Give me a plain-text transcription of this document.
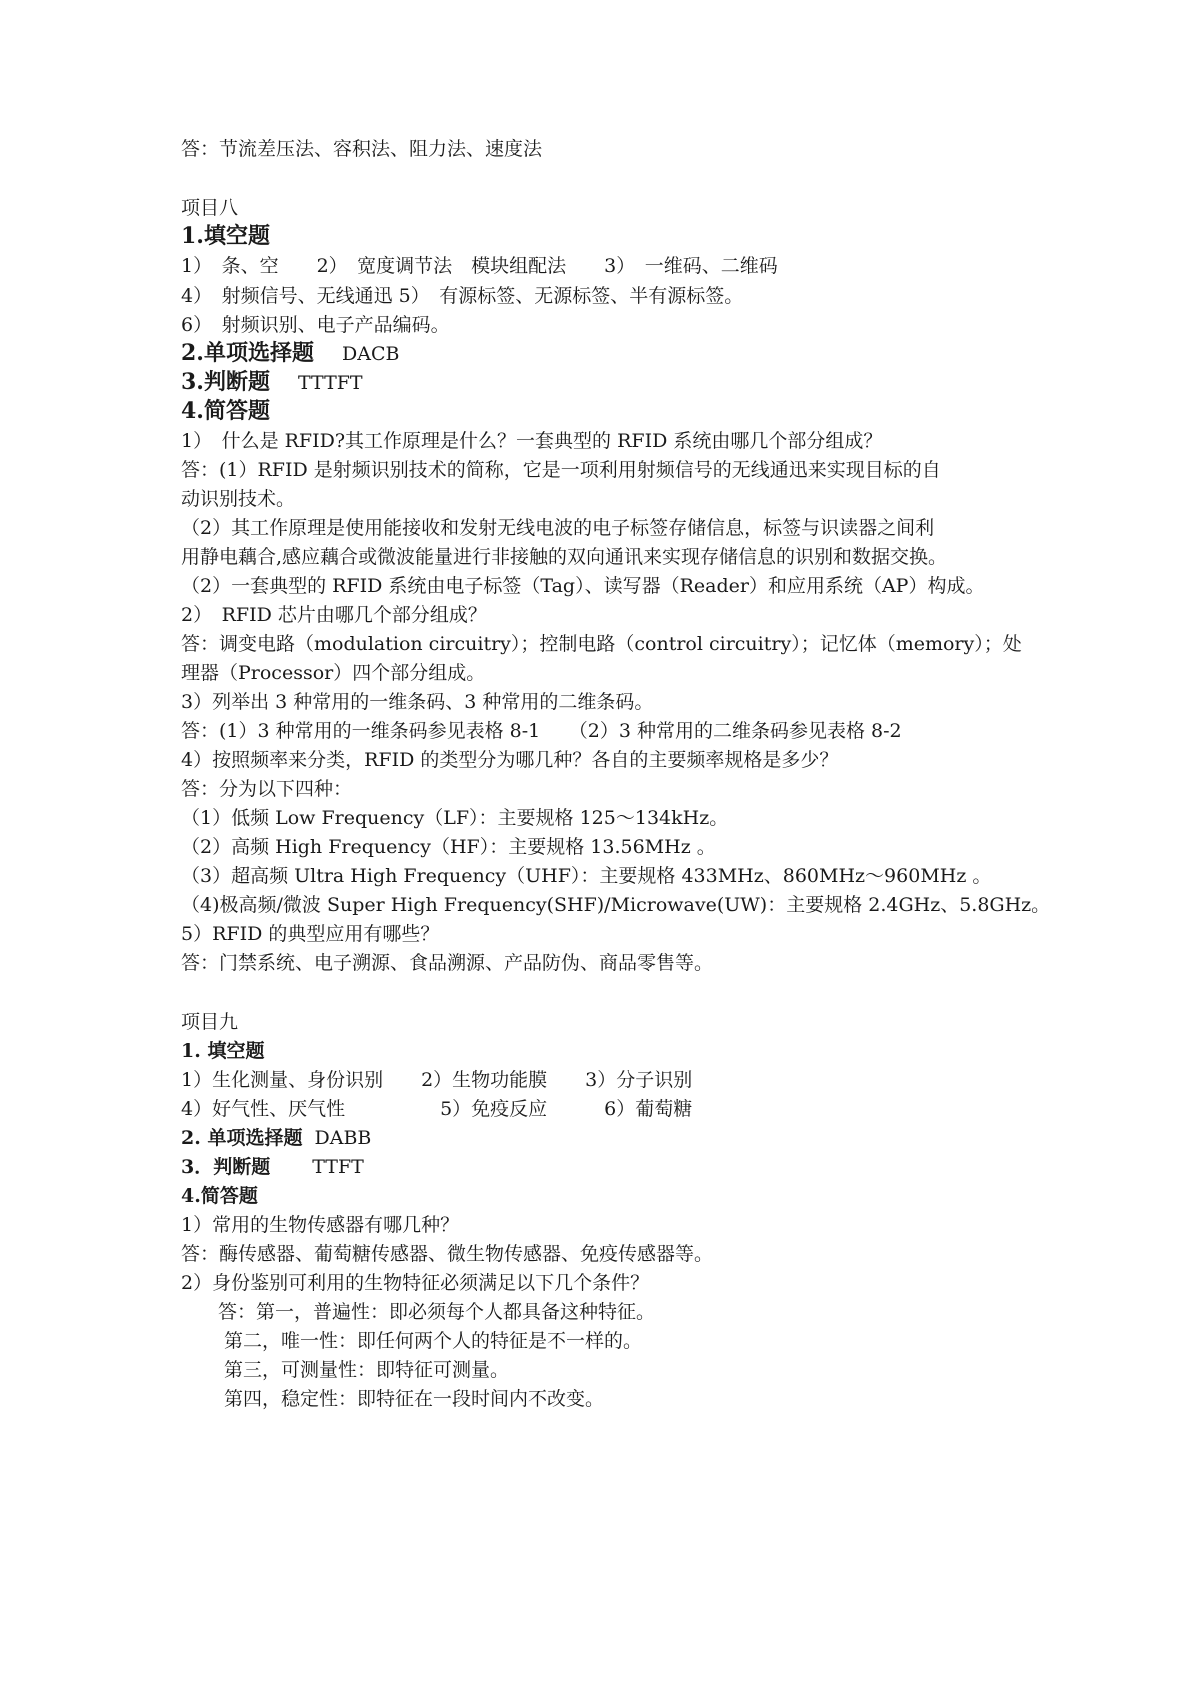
答：节流差压法、容积法、阻力法、速度法
项目八
1.填空题
1）　条、空　　2）　宽度调节法　模块组配法　　3）　一维码、二维码
4）　射频信号、无线通迅 5）　有源标签、无源标签、半有源标签。
6）　射频识别、电子产品编码。
2.单项选择题 DACB
3.判断题 TTTFT
4.简答题
1）　什么是 RFID?其工作原理是什么？一套典型的 RFID 系统由哪几个部分组成？
答：(1）RFID 是射频识别技术的简称，它是一项利用射频信号的无线通迅来实现目标的自
动识别技术。
（2）其工作原理是使用能接收和发射无线电波的电子标签存储信息，标签与识读器之间利
用静电藕合,感应藕合或微波能量进行非接触的双向通讯来实现存储信息的识别和数据交换。
（2）一套典型的 RFID 系统由电子标签（Tag）、读写器（Reader）和应用系统（AP）构成。
2）　RFID 芯片由哪几个部分组成？
答：调变电路（modulation circuitry）；控制电路（control circuitry）；记忆体（memory）；处
理器（Processor）四个部分组成。
3）列举出 3 种常用的一维条码、3 种常用的二维条码。
答：(1）3 种常用的一维条码参见表格 8-1　　（2）3 种常用的二维条码参见表格 8-2
4）按照频率来分类，RFID 的类型分为哪几种？各自的主要频率规格是多少？
答：分为以下四种：
（1）低频 Low Frequency（LF）：主要规格 125～134kHz。
（2）高频 High Frequency（HF）：主要规格 13.56MHz 。
（3）超高频 Ultra High Frequency（UHF）：主要规格 433MHz、860MHz～960MHz 。
（4)极高频/微波 Super High Frequency(SHF)/Microwave(UW)：主要规格 2.4GHz、5.8GHz。
5）RFID 的典型应用有哪些？
答：门禁系统、电子溯源、食品溯源、产品防伪、商品零售等。
项目九
1. 填空题
1）生化测量、身份识别　　2）生物功能膜　　3）分子识别
4）好气性、厌气性　　　　　5）免疫反应　　　6）葡萄糖
2. 单项选择题 DABB
3．判断题 TTFT
4.简答题
1）常用的生物传感器有哪几种？
答：酶传感器、葡萄糖传感器、微生物传感器、免疫传感器等。
2）身份鉴别可利用的生物特征必须满足以下几个条件？
答：第一，普遍性：即必须每个人都具备这种特征。
第二，唯一性：即任何两个人的特征是不一样的。
第三，可测量性：即特征可测量。
第四，稳定性：即特征在一段时间内不改变。
